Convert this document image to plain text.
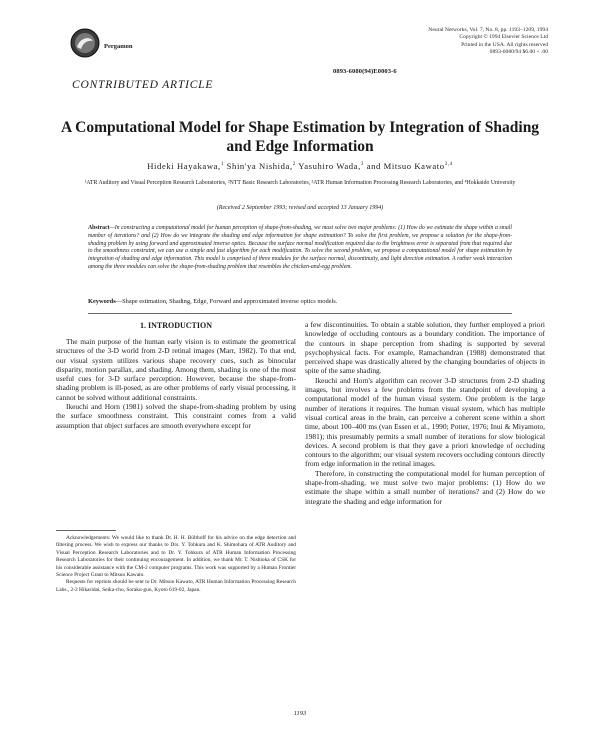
Pergamon
Neural Networks, Vol. 7, No. 8, pp. 1193–1209, 1994
Copyright © 1994 Elsevier Science Ltd
Printed in the USA. All rights reserved
0893-6080/94 $6.00 + .00
0893-6080(94)E0003-6
CONTRIBUTED ARTICLE
A Computational Model for Shape Estimation by Integration of Shading and Edge Information
Hideki Hayakawa,$^1$ Shin'ya Nishida,$^2$ Yasuhiro Wada,$^3$ and Mitsuo Kawato$^{3,4}$
¹ATR Auditory and Visual Perception Research Laboratories, ²NTT Basic Research Laboratories, ³ATR Human Information Processing Research Laboratories, and ⁴Hokkaido University
(Received 2 September 1993; revised and accepted 13 January 1994)
Abstract—In constructing a computational model for human perception of shape-from-shading, we must solve two major problems: (1) How do we estimate the shape within a small number of iterations? and (2) How do we integrate the shading and edge information for shape estimation? To solve the first problem, we propose a solution for the shape-from-shading problem by using forward and approximated inverse optics. Because the surface normal modification required due to the brightness error is separated from that required due to the smoothness constraint, we can use a simple and fast algorithm for each modification. To solve the second problem, we propose a computational model for shape estimation by integration of shading and edge information. This model is comprised of three modules for the surface normal, discontinuity, and light direction estimation. A rather weak interaction among the three modules can solve the shape-from-shading problem that resembles the chicken-and-egg problem.
Keywords—Shape estimation, Shading, Edge, Forward and approximated inverse optics models.
1. INTRODUCTION

The main purpose of the human early vision is to estimate the geometrical structures of the 3-D world from 2-D retinal images (Marr, 1982). To that end, our visual system utilizes various shape recovery cues, such as binocular disparity, motion parallax, and shading. Among them, shading is one of the most useful cues for 3-D surface perception. However, because the shape-from-shading problem is ill-posed, as are other problems of early visual processing, it cannot be solved without additional constraints.

Ikeuchi and Horn (1981) solved the shape-from-shading problem by using the surface smoothness constraint. This constraint comes from a valid assumption that object surfaces are smooth everywhere except for

Acknowledgements: We would like to thank Dr. H. H. Bülthoff for his advice on the edge detection and filtering process. We wish to express our thanks to Drs. Y. Tohkura and K. Shimohara of ATR Auditory and Visual Perception Research Laboratories and to Dr. Y. Tohkura of ATR Human Information Processing Research Laboratories for their continuing encouragement. In addition, we thank Mr. T. Nishioka of CSK for his considerable assistance with the CM-2 computer programs. This work was supported by a Human Frontier Science Project Grant to Mitsuo Kawato.

Requests for reprints should be sent to Dr. Mitsuo Kawato, ATR Human Information Processing Research Labs., 2-2 Hikaridai, Seika-cho, Soraku-gun, Kyoto 619-02, Japan.

a few discontinuities. To obtain a stable solution, they further employed a priori knowledge of occluding contours as a boundary condition. The importance of the contours in shape perception from shading is supported by several psychophysical facts. For example, Ramachandran (1988) demonstrated that perceived shape was drastically altered by the changing boundaries of objects in spite of the same shading.

Ikeuchi and Horn's algorithm can recover 3-D structures from 2-D shading images, but involves a few problems from the standpoint of developing a computational model of the human visual system. One problem is the large number of iterations it requires. The human visual system, which has multiple visual cortical areas in the brain, can perceive a coherent scene within a short time, about 100–400 ms (van Essen et al., 1990; Potter, 1976; Inui & Miyamoto, 1981); this presumably permits a small number of iterations for slow biological devices. A second problem is that they gave a priori knowledge of occluding contours to the algorithm; our visual system recovers occluding contours directly from edge information in the retinal images.

Therefore, in constructing the computational model for human perception of shape-from-shading, we must solve two major problems: (1) How do we estimate the shape within a small number of iterations? and (2) How do we integrate the shading and edge information for

1193
